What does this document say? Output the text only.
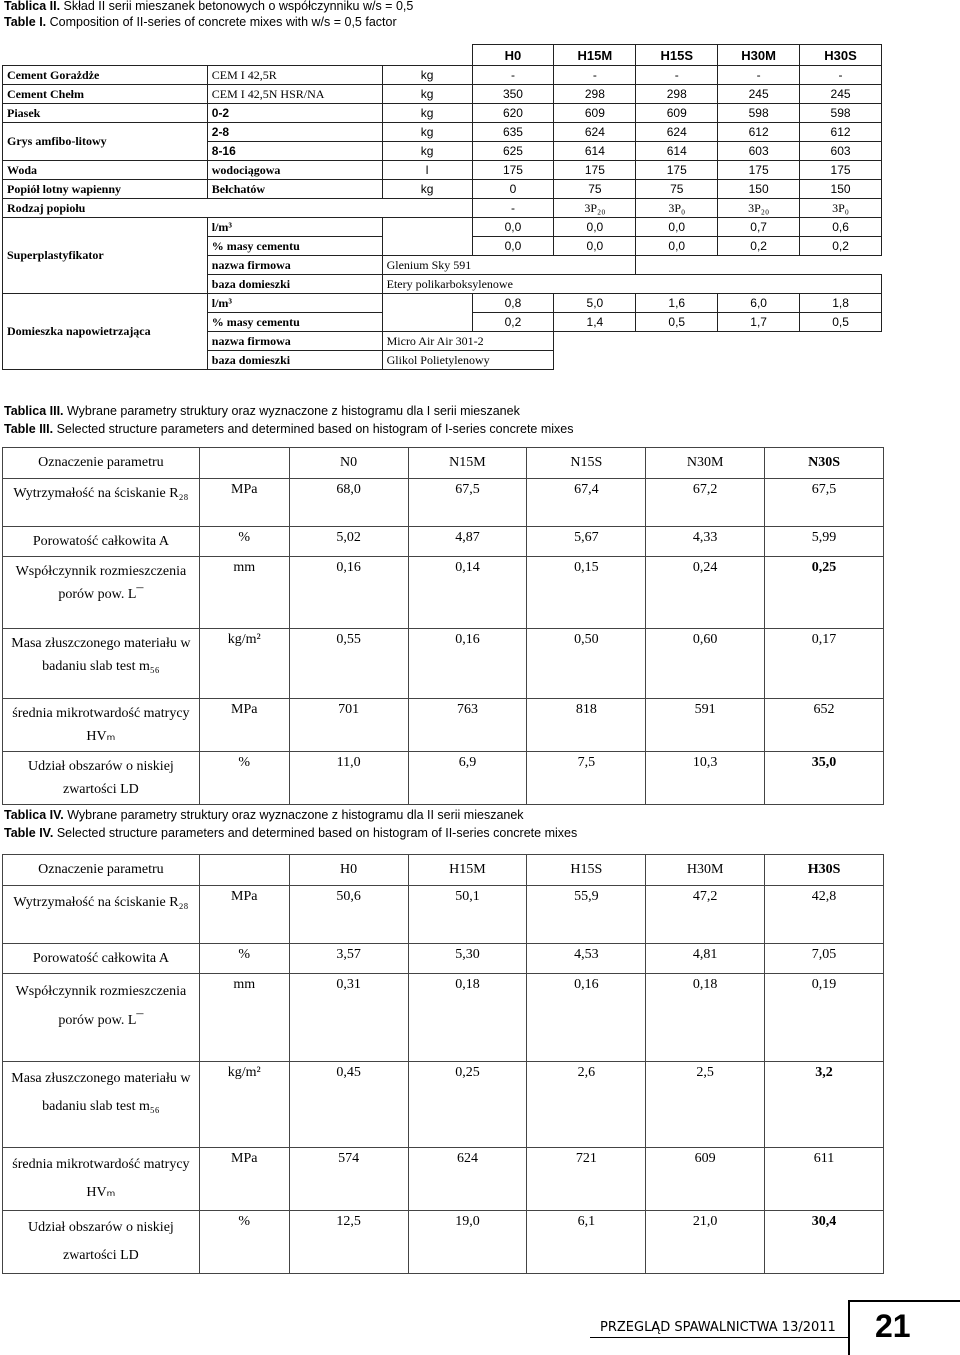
Tablica II. Skład II serii mieszanek betonowych o współczynniku w/s = 0,5
Table I. Composition of II-series of concrete mixes with w/s = 0,5 factor
			H0	H15M	H15S	H30M	H30S
Cement Gorażdże	CEM I 42,5R	kg	-	-	-	-	-
Cement Chełm	CEM I 42,5N HSR/NA	kg	350	298	298	245	245
Piasek	0-2	kg	620	609	609	598	598
Grys amfibo-litowy	2-8	kg	635	624	624	612	612
	8-16	kg	625	614	614	603	603
Woda	wodociągowa	l	175	175	175	175	175
Popiół lotny wapienny	Bełchatów	kg	0	75	75	150	150
Rodzaj popiołu			-	3P₂₀	3P₀	3P₂₀	3P₀
Superplastyfikator	l/m³		0,0	0,0	0,0	0,7	0,6
	% masy cementu		0,0	0,0	0,0	0,2	0,2
	nazwa firmowa	Glenium Sky 591					
	baza domieszki	Etery polikarboksylenowe					
Domieszka napowietrzająca	l/m³		0,8	5,0	1,6	6,0	1,8
	% masy cementu		0,2	1,4	0,5	1,7	0,5
	nazwa firmowa	Micro Air Air 301-2					
	baza domieszki	Glikol Polietylenowy					
Tablica III. Wybrane parametry struktury oraz wyznaczone z histogramu dla I serii mieszanek
Table III. Selected structure parameters and determined based on histogram of I-series concrete mixes
Oznaczenie parametru		N0	N15M	N15S	N30M	N30S
Wytrzymałość na ściskanie R₂₈	MPa	68,0	67,5	67,4	67,2	67,5
Porowatość całkowita A	%	5,02	4,87	5,67	4,33	5,99
Współczynnik rozmieszczenia porów pow. L¯	mm	0,16	0,14	0,15	0,24	0,25
Masa złuszczonego materiału w badaniu slab test m₅₆	kg/m²	0,55	0,16	0,50	0,60	0,17
średnia mikrotwardość matrycy HVₘ	MPa	701	763	818	591	652
Udział obszarów o niskiej zwartości LD	%	11,0	6,9	7,5	10,3	35,0
Tablica IV. Wybrane parametry struktury oraz wyznaczone z histogramu dla II serii mieszanek
Table IV. Selected structure parameters and determined based on histogram of II-series concrete mixes
Oznaczenie parametru		H0	H15M	H15S	H30M	H30S
Wytrzymałość na ściskanie R₂₈	MPa	50,6	50,1	55,9	47,2	42,8
Porowatość całkowita A	%	3,57	5,30	4,53	4,81	7,05
Współczynnik rozmieszczenia porów pow. L¯	mm	0,31	0,18	0,16	0,18	0,19
Masa złuszczonego materiału w badaniu slab test m₅₆	kg/m²	0,45	0,25	2,6	2,5	3,2
średnia mikrotwardość matrycy HVₘ	MPa	574	624	721	609	611
Udział obszarów o niskiej zwartości LD	%	12,5	19,0	6,1	21,0	30,4
PRZEGLĄD SPAWALNICTWA 13/2011 21
